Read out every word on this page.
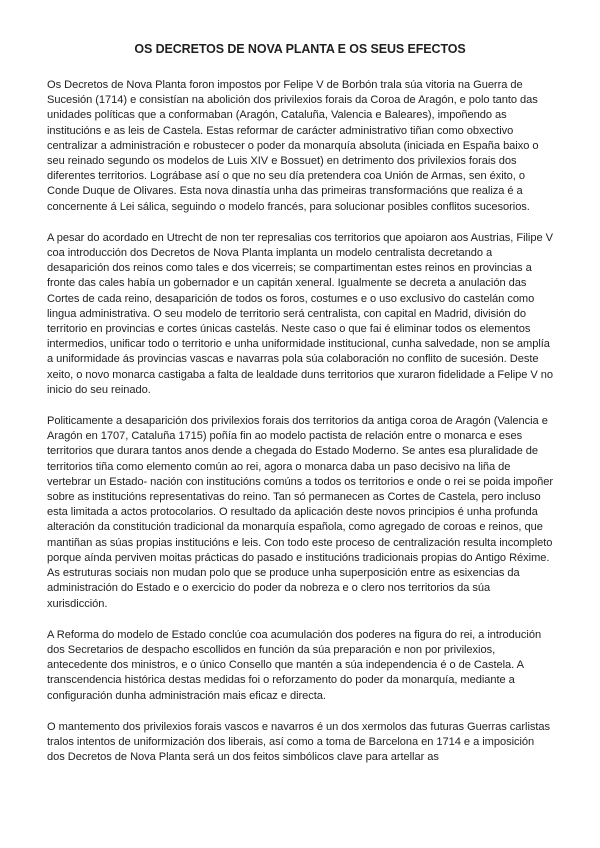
OS DECRETOS DE NOVA PLANTA E OS SEUS EFECTOS

Os Decretos de Nova Planta foron impostos por Felipe V de Borbón trala súa vitoria na Guerra de Sucesión (1714) e consistían na abolición dos privilexios forais da Coroa de Aragón, e polo tanto das unidades políticas que a conformaban (Aragón, Cataluña, Valencia e Baleares), impoñendo as institucións e as leis de Castela. Estas reformar de carácter administrativo tiñan como obxectivo centralizar a administración e robustecer o poder da monarquía absoluta (iniciada en España baixo o seu reinado segundo os modelos de Luis XIV e Bossuet) en detrimento dos privilexios forais dos diferentes territorios. Lográbase así o que no seu día pretendera coa Unión de Armas, sen éxito, o Conde Duque de Olivares. Esta nova dinastía unha das primeiras transformacións que realiza é a concernente á Lei sálica, seguindo o modelo francés, para solucionar posibles conflitos sucesorios.

A pesar do acordado en Utrecht de non ter represalias cos territorios que apoiaron aos Austrias, Filipe V coa introducción dos Decretos de Nova Planta implanta un modelo centralista decretando a desaparición dos reinos como tales e dos vicerreis; se compartimentan estes reinos en provincias a fronte das cales había un gobernador e un capitán xeneral. Igualmente se decreta a anulación das Cortes de cada reino, desaparición de todos os foros, costumes e o uso exclusivo do castelán como lingua administrativa. O seu modelo de territorio será centralista, con capital en Madrid, división do territorio en provincias e cortes únicas castelás. Neste caso o que fai é eliminar todos os elementos intermedios, unificar todo o territorio e unha uniformidade institucional, cunha salvedade, non se amplía a uniformidade ás provincias vascas e navarras pola súa colaboración no conflito de sucesión. Deste xeito, o novo monarca castigaba a falta de lealdade duns territorios que xuraron fidelidade a Felipe V no inicio do seu reinado.

Politicamente a desaparición dos privilexios forais dos territorios da antiga coroa de Aragón (Valencia e Aragón en 1707, Cataluña 1715) poñía fin ao modelo pactista de relación entre o monarca e eses territorios que durara tantos anos dende a chegada do Estado Moderno. Se antes esa pluralidade de territorios tiña como elemento común ao rei, agora o monarca daba un paso decisivo na liña de vertebrar un Estado- nación con institucións comúns a todos os territorios e onde o rei se poida impoñer sobre as institucións representativas do reino. Tan só permanecen as Cortes de Castela, pero incluso esta limitada a actos protocolarios. O resultado da aplicación deste novos principios é unha profunda alteración da constitución tradicional da monarquía española, como agregado de coroas e reinos, que mantiñan as súas propias institucións e leis. Con todo este proceso de centralización resulta incompleto porque aínda perviven moitas prácticas do pasado e institucións tradicionais propias do Antigo Réxime. As estruturas sociais non mudan polo que se produce unha superposición entre as esixencias da administración do Estado e o exercicio do poder da nobreza e o clero nos territorios da súa xurisdicción.

A Reforma do modelo de Estado conclúe coa acumulación dos poderes na figura do rei, a introdución dos Secretarios de despacho escollidos en función da súa preparación e non por privilexios, antecedente dos ministros, e o único Consello que mantén a súa independencia é o de Castela. A transcendencia histórica destas medidas foi o reforzamento do poder da monarquía, mediante a configuración dunha administración mais eficaz e directa.

O mantemento dos privilexios forais vascos e navarros é un dos xermolos das futuras Guerras carlistas tralos intentos de uniformización dos liberais, así como a toma de Barcelona en 1714 e a imposición dos Decretos de Nova Planta será un dos feitos simbólicos clave para artellar as
